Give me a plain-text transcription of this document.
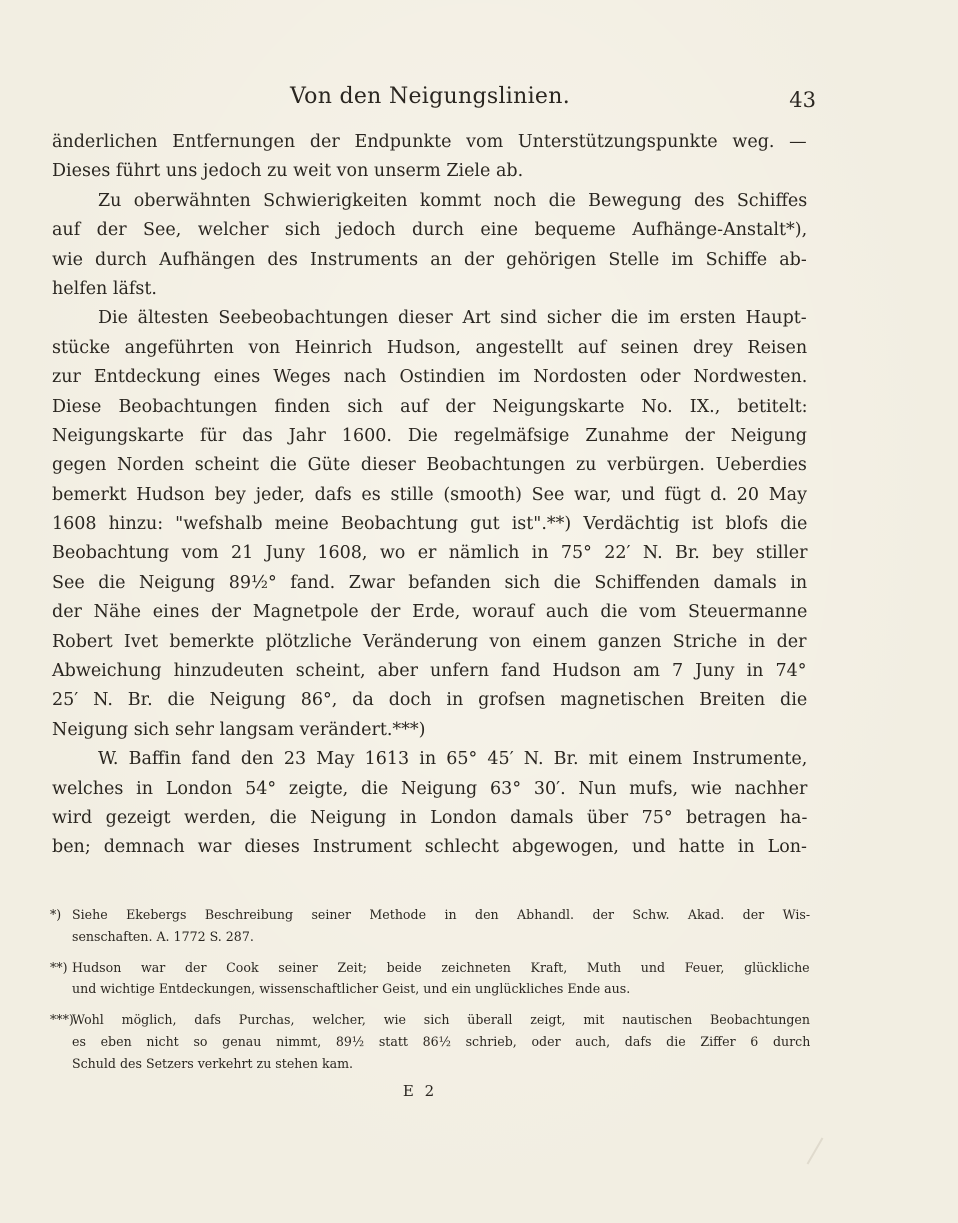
Von den Neigungslinien.	43
änderlichen Entfernungen der Endpunkte vom Unterstützungspunkte weg. —
Dieses führt uns jedoch zu weit von unserm Ziele ab.
Zu oberwähnten Schwierigkeiten kommt noch die Bewegung des Schiffes
auf der See, welcher sich jedoch durch eine bequeme Aufhänge-Anstalt*),
wie durch Aufhängen des Instruments an der gehörigen Stelle im Schiffe ab-
helfen läfst.
Die ältesten Seebeobachtungen dieser Art sind sicher die im ersten Haupt-
stücke angeführten von Heinrich Hudson, angestellt auf seinen drey Reisen
zur Entdeckung eines Weges nach Ostindien im Nordosten oder Nordwesten.
Diese Beobachtungen finden sich auf der Neigungskarte No. IX., betitelt:
Neigungskarte für das Jahr 1600. Die regelmäfsige Zunahme der Neigung
gegen Norden scheint die Güte dieser Beobachtungen zu verbürgen. Ueberdies
bemerkt Hudson bey jeder, dafs es stille (smooth) See war, und fügt d. 20 May
1608 hinzu: "wefshalb meine Beobachtung gut ist".**) Verdächtig ist blofs die
Beobachtung vom 21 Juny 1608, wo er nämlich in 75° 22′ N. Br. bey stiller
See die Neigung 89½° fand. Zwar befanden sich die Schiffenden damals in
der Nähe eines der Magnetpole der Erde, worauf auch die vom Steuermanne
Robert Ivet bemerkte plötzliche Veränderung von einem ganzen Striche in der
Abweichung hinzudeuten scheint, aber unfern fand Hudson am 7 Juny in 74°
25′ N. Br. die Neigung 86°, da doch in grofsen magnetischen Breiten die
Neigung sich sehr langsam verändert.***)
W. Baffin fand den 23 May 1613 in 65° 45′ N. Br. mit einem Instrumente,
welches in London 54° zeigte, die Neigung 63° 30′. Nun mufs, wie nachher
wird gezeigt werden, die Neigung in London damals über 75° betragen ha-
ben; demnach war dieses Instrument schlecht abgewogen, und hatte in Lon-
*) Siehe Ekebergs Beschreibung seiner Methode in den Abhandl. der Schw. Akad. der Wis-
senschaften. A. 1772 S. 287.
**) Hudson war der Cook seiner Zeit; beide zeichneten Kraft, Muth und Feuer, glückliche
und wichtige Entdeckungen, wissenschaftlicher Geist, und ein unglückliches Ende aus.
***)Wohl möglich, dafs Purchas, welcher, wie sich überall zeigt, mit nautischen Beobachtungen
es eben nicht so genau nimmt, 89½ statt 86½ schrieb, oder auch, dafs die Ziffer 6 durch
Schuld des Setzers verkehrt zu stehen kam.
E 2
